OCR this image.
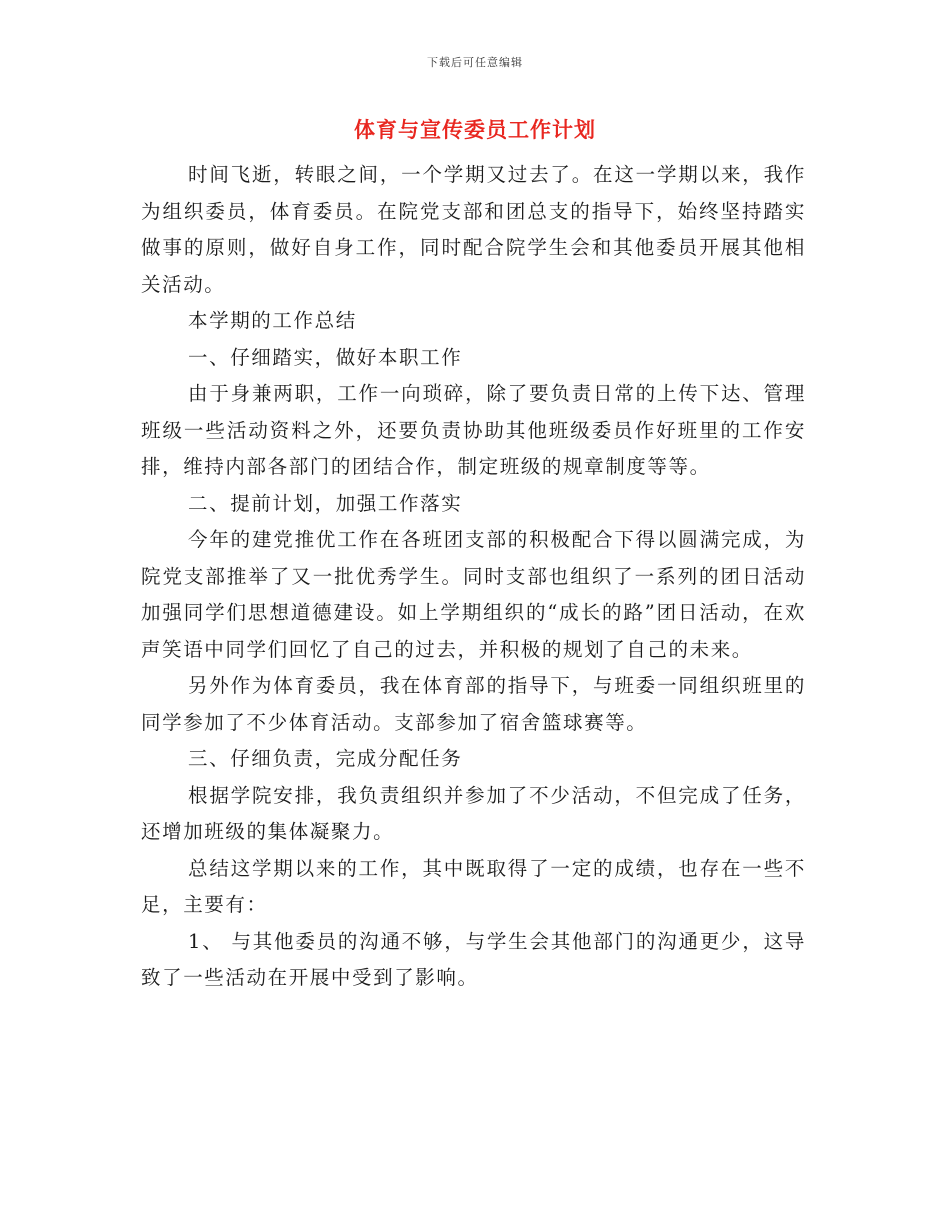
下载后可任意编辑
体育与宣传委员工作计划

时间飞逝，转眼之间，一个学期又过去了。在这一学期以来，我作为组织委员，体育委员。在院党支部和团总支的指导下，始终坚持踏实做事的原则，做好自身工作，同时配合院学生会和其他委员开展其他相关活动。

本学期的工作总结

一、仔细踏实，做好本职工作

由于身兼两职，工作一向琐碎，除了要负责日常的上传下达、管理班级一些活动资料之外，还要负责协助其他班级委员作好班里的工作安排，维持内部各部门的团结合作，制定班级的规章制度等等。

二、提前计划，加强工作落实

今年的建党推优工作在各班团支部的积极配合下得以圆满完成，为院党支部推举了又一批优秀学生。同时支部也组织了一系列的团日活动加强同学们思想道德建设。如上学期组织的“成长的路”团日活动，在欢声笑语中同学们回忆了自己的过去，并积极的规划了自己的未来。

另外作为体育委员，我在体育部的指导下，与班委一同组织班里的同学参加了不少体育活动。支部参加了宿舍篮球赛等。

三、仔细负责，完成分配任务

根据学院安排，我负责组织并参加了不少活动，不但完成了任务，还增加班级的集体凝聚力。

总结这学期以来的工作，其中既取得了一定的成绩，也存在一些不足，主要有：

1、 与其他委员的沟通不够，与学生会其他部门的沟通更少，这导致了一些活动在开展中受到了影响。
